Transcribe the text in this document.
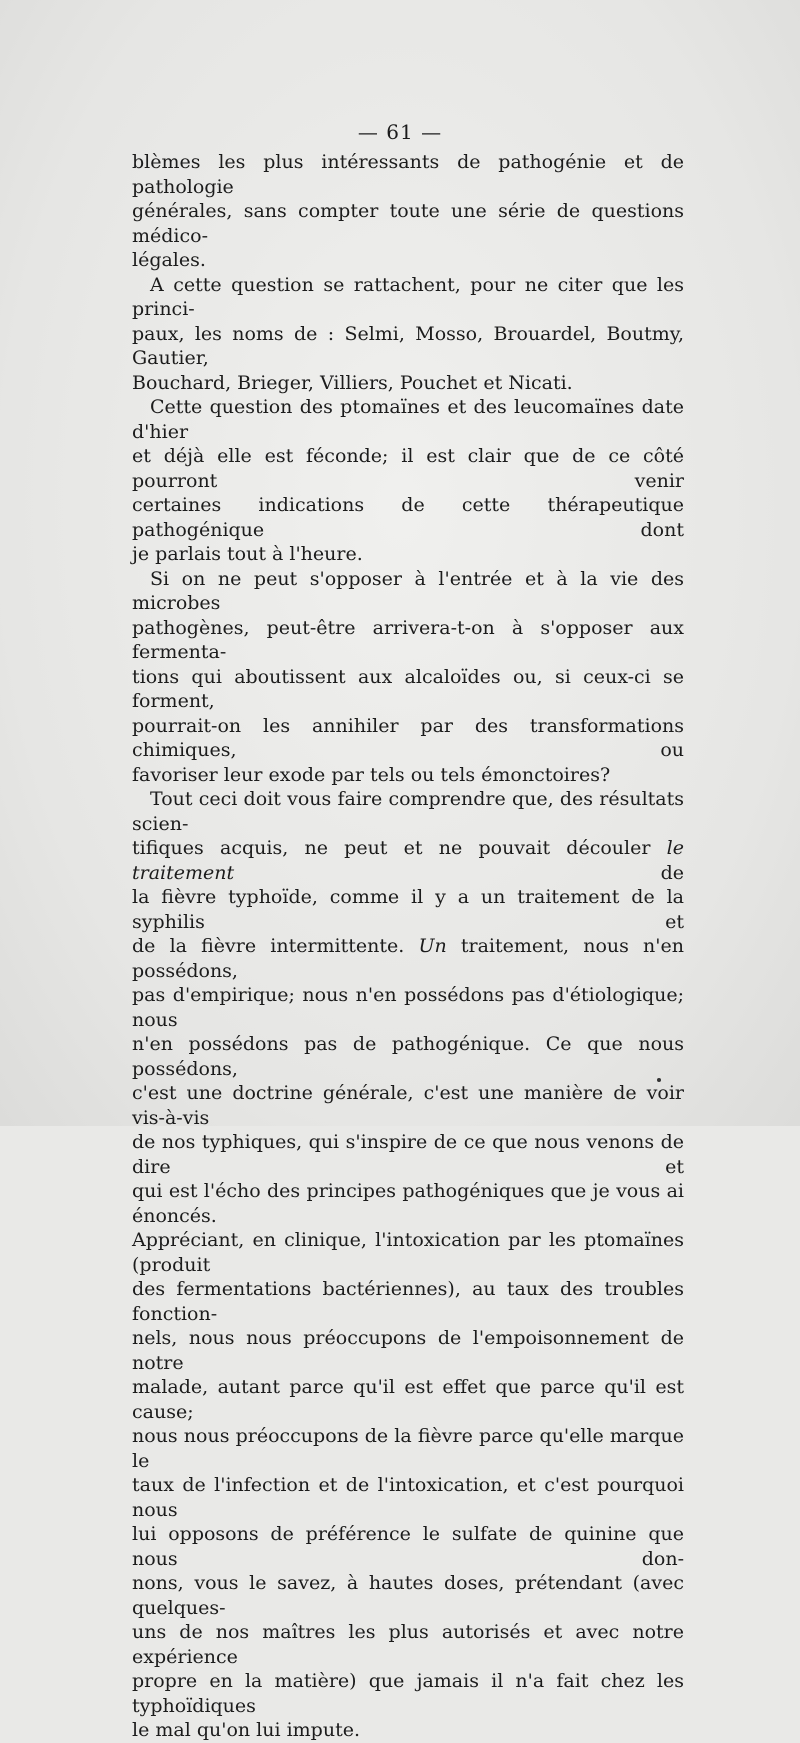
— 61 —

blèmes les plus intéressants de pathogénie et de pathologie

générales, sans compter toute une série de questions médico-

légales.

A cette question se rattachent, pour ne citer que les princi-

paux, les noms de : Selmi, Mosso, Brouardel, Boutmy, Gautier,

Bouchard, Brieger, Villiers, Pouchet et Nicati.

Cette question des ptomaïnes et des leucomaïnes date d'hier

et déjà elle est féconde; il est clair que de ce côté pourront venir

certaines indications de cette thérapeutique pathogénique dont

je parlais tout à l'heure.

Si on ne peut s'opposer à l'entrée et à la vie des microbes

pathogènes, peut-être arrivera-t-on à s'opposer aux fermenta-

tions qui aboutissent aux alcaloïdes ou, si ceux-ci se forment,

pourrait-on les annihiler par des transformations chimiques, ou

favoriser leur exode par tels ou tels émonctoires?

Tout ceci doit vous faire comprendre que, des résultats scien-

tifiques acquis, ne peut et ne pouvait découler le traitement de

la fièvre typhoïde, comme il y a un traitement de la syphilis et

de la fièvre intermittente. Un traitement, nous n'en possédons,

pas d'empirique; nous n'en possédons pas d'étiologique; nous

n'en possédons pas de pathogénique. Ce que nous possédons,

c'est une doctrine générale, c'est une manière de voir vis-à-vis

de nos typhiques, qui s'inspire de ce que nous venons de dire et

qui est l'écho des principes pathogéniques que je vous ai énoncés.

Appréciant, en clinique, l'intoxication par les ptomaïnes (produit

des fermentations bactériennes), au taux des troubles fonction-

nels, nous nous préoccupons de l'empoisonnement de notre

malade, autant parce qu'il est effet que parce qu'il est cause;

nous nous préoccupons de la fièvre parce qu'elle marque le

taux de l'infection et de l'intoxication, et c'est pourquoi nous

lui opposons de préférence le sulfate de quinine que nous don-

nons, vous le savez, à hautes doses, prétendant (avec quelques-

uns de nos maîtres les plus autorisés et avec notre expérience

propre en la matière) que jamais il n'a fait chez les typhoïdiques

le mal qu'on lui impute.
